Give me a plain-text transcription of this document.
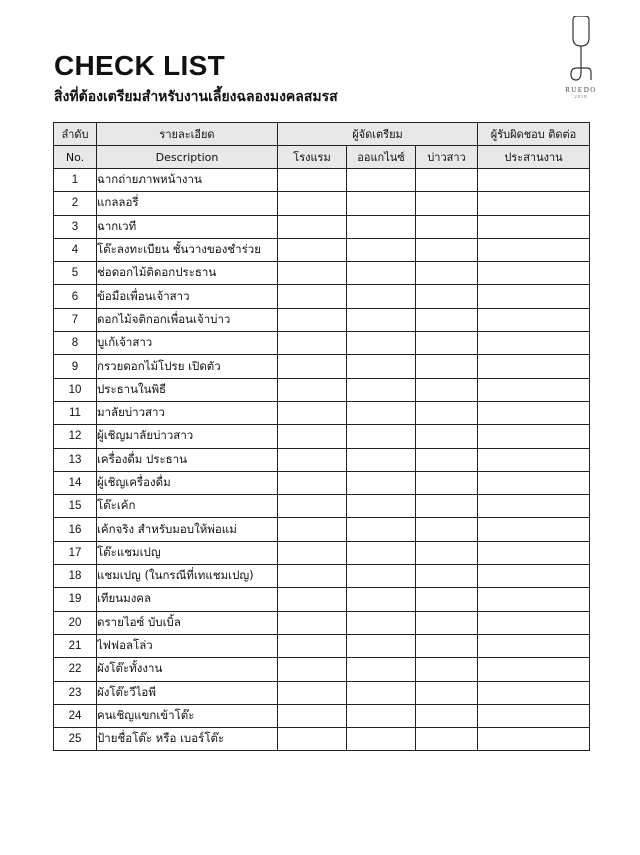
CHECK LIST
สิ่งที่ต้องเตรียมสำหรับงานเลี้ยงฉลองมงคลสมรส	RUEDO
2018
ลำดับ	รายละเอียด	ผู้จัดเตรียม			ผู้รับผิดชอบ ติดต่อ
No.	Description	โรงแรม	ออแกไนซ์	บ่าวสาว	ประสานงาน
1	ฉากถ่ายภาพหน้างาน				
2	แกลลอรี่				
3	ฉากเวที				
4	โต๊ะลงทะเบียน ชั้นวางของชำร่วย				
5	ช่อดอกไม้ติดอกประธาน				
6	ข้อมือเพื่อนเจ้าสาว				
7	ดอกไม้จติกอกเพื่อนเจ้าบ่าว				
8	บูเก้เจ้าสาว				
9	กรวยดอกไม้โปรย เปิดตัว				
10	ประธานในพิธี				
11	มาลัยบ่าวสาว				
12	ผู้เชิญมาลัยบ่าวสาว				
13	เครื่องดื่ม ประธาน				
14	ผู้เชิญเครื่องดื่ม				
15	โต๊ะเค้ก				
16	เค้กจริง สำหรับมอบให้พ่อแม่				
17	โต๊ะแชมเปญ				
18	แชมเปญ (ในกรณีที่เทแชมเปญ)				
19	เทียนมงคล				
20	ดรายไอซ์ บับเบิ้ล				
21	ไฟฟอลโล่ว				
22	ผังโต๊ะทั้งงาน				
23	ผังโต๊ะวีไอพี				
24	คนเชิญแขกเข้าโต๊ะ				
25	ป้ายชื่อโต๊ะ หรือ เบอร์โต๊ะ				
